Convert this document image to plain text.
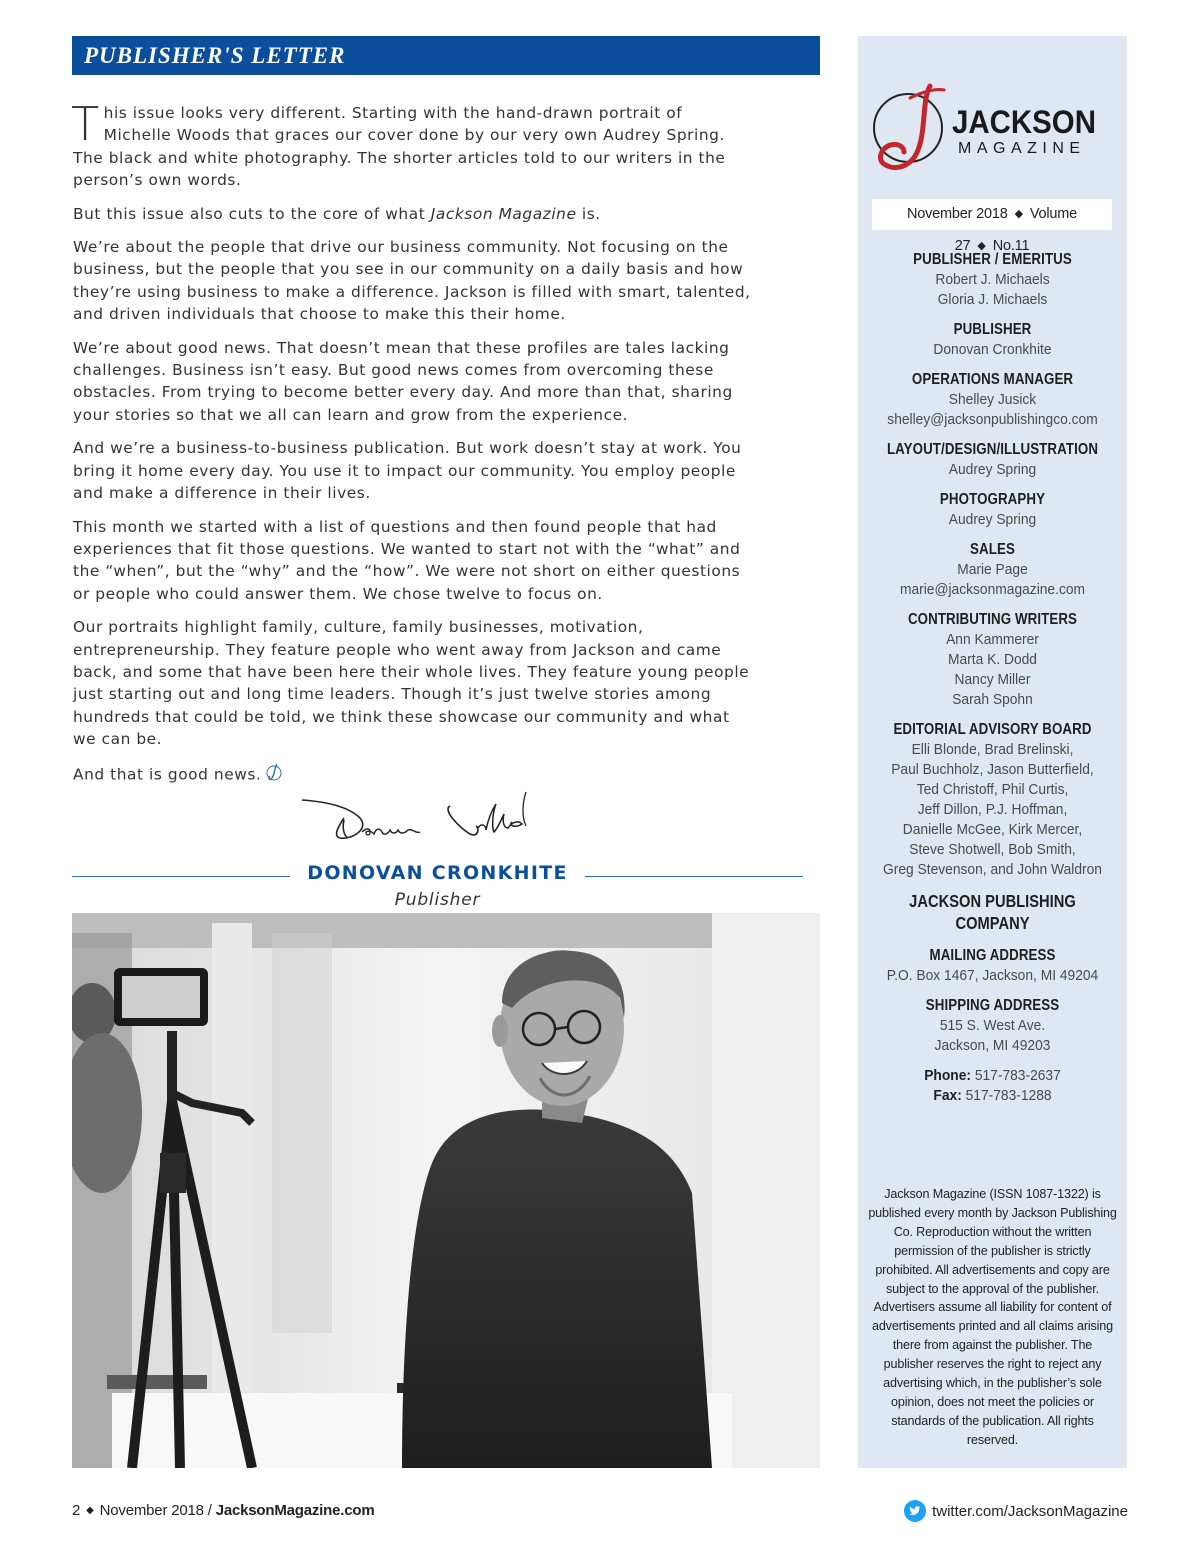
PUBLISHER'S LETTER

This issue looks very different. Starting with the hand-drawn portrait of Michelle Woods that graces our cover done by our very own Audrey Spring. The black and white photography. The shorter articles told to our writers in the person’s own words.

But this issue also cuts to the core of what Jackson Magazine is.

We’re about the people that drive our business community. Not focusing on the business, but the people that you see in our community on a daily basis and how they’re using business to make a difference. Jackson is filled with smart, talented, and driven individuals that choose to make this their home.

We’re about good news. That doesn’t mean that these profiles are tales lacking challenges. Business isn’t easy. But good news comes from overcoming these obstacles. From trying to become better every day. And more than that, sharing your stories so that we all can learn and grow from the experience.

And we’re a business-to-business publication. But work doesn’t stay at work. You bring it home every day. You use it to impact our community. You employ people and make a difference in their lives.

This month we started with a list of questions and then found people that had experiences that fit those questions. We wanted to start not with the “what” and the “when”, but the “why” and the “how”. We were not short on either questions or people who could answer them. We chose twelve to focus on.

Our portraits highlight family, culture, family businesses, motivation, entrepreneurship. They feature people who went away from Jackson and came back, and some that have been here their whole lives. They feature young people just starting out and long time leaders. Though it’s just twelve stories among hundreds that could be told, we think these showcase our community and what we can be.

And that is good news.

DONOVAN CRONKHITE
Publisher
JACKSON
MAGAZINE
November 2018 ◆ Volume 27 ◆ No.11
PUBLISHER / EMERITUS
Robert J. Michaels
Gloria J. Michaels
PUBLISHER
Donovan Cronkhite
OPERATIONS MANAGER
Shelley Jusick
shelley@jacksonpublishingco.com
LAYOUT/DESIGN/ILLUSTRATION
Audrey Spring
PHOTOGRAPHY
Audrey Spring
SALES
Marie Page
marie@jacksonmagazine.com
CONTRIBUTING WRITERS
Ann Kammerer
Marta K. Dodd
Nancy Miller
Sarah Spohn
EDITORIAL ADVISORY BOARD
Elli Blonde, Brad Brelinski,
Paul Buchholz, Jason Butterfield,
Ted Christoff, Phil Curtis,
Jeff Dillon, P.J. Hoffman,
Danielle McGee, Kirk Mercer,
Steve Shotwell, Bob Smith,
Greg Stevenson, and John Waldron
JACKSON PUBLISHING COMPANY
MAILING ADDRESS
P.O. Box 1467, Jackson, MI 49204
SHIPPING ADDRESS
515 S. West Ave.
Jackson, MI 49203
Phone: 517-783-2637
Fax: 517-783-1288
Jackson Magazine (ISSN 1087-1322) is published every month by Jackson Publishing Co. Reproduction without the written permission of the publisher is strictly prohibited. All advertisements and copy are subject to the approval of the publisher. Advertisers assume all liability for content of advertisements printed and all claims arising there from against the publisher. The publisher reserves the right to reject any advertising which, in the publisher’s sole opinion, does not meet the policies or standards of the publication. All rights reserved.
2 ◆ November 2018 / JacksonMagazine.com	twitter.com/JacksonMagazine
